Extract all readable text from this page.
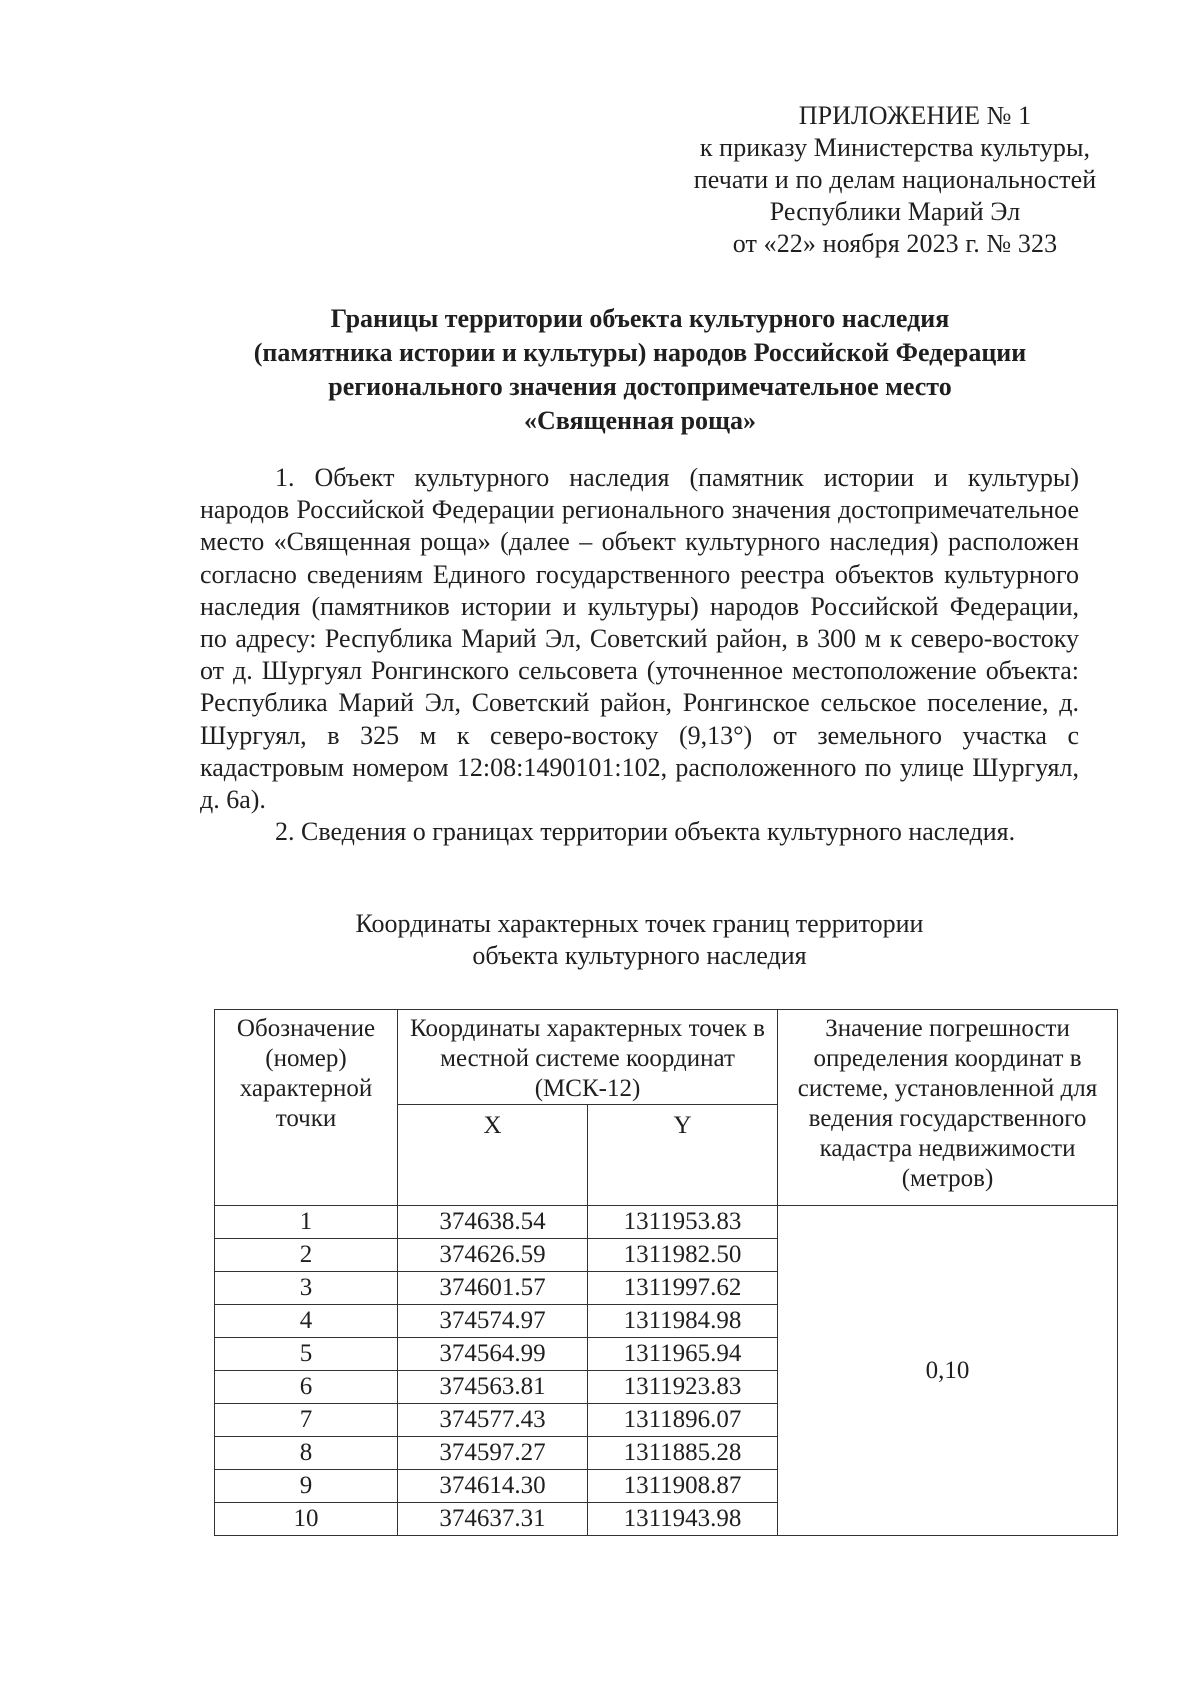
ПРИЛОЖЕНИЕ № 1
к приказу Министерства культуры,
печати и по делам национальностей
Республики Марий Эл
от «22» ноября 2023 г. № 323
Границы территории объекта культурного наследия
(памятника истории и культуры) народов Российской Федерации
регионального значения достопримечательное место
«Священная роща»

1. Объект культурного наследия (памятник истории и культуры) народов Российской Федерации регионального значения достопримечательное место «Священная роща» (далее – объект культурного наследия) расположен согласно сведениям Единого государственного реестра объектов культурного наследия (памятников истории и культуры) народов Российской Федерации, по адресу: Республика Марий Эл, Советский район, в 300 м к северо-востоку от д. Шургуял Ронгинского сельсовета (уточненное местоположение объекта: Республика Марий Эл, Советский район, Ронгинское сельское поселение, д. Шургуял, в 325 м к северо-востоку (9,13°) от земельного участка с кадастровым номером 12:08:1490101:102, расположенного по улице Шургуял, д. 6а).

2. Сведения о границах территории объекта культурного наследия.

Координаты характерных точек границ территории
объекта культурного наследия
Обозначение (номер) характерной точки	Координаты характерных точек в местной системе координат (МСК-12)		Значение погрешности определения координат в системе, установленной для ведения государственного кадастра недвижимости (метров)
	X	Y	
1	374638.54	1311953.83	0,10
2	374626.59	1311982.50	
3	374601.57	1311997.62	
4	374574.97	1311984.98	
5	374564.99	1311965.94	
6	374563.81	1311923.83	
7	374577.43	1311896.07	
8	374597.27	1311885.28	
9	374614.30	1311908.87	
10	374637.31	1311943.98	
